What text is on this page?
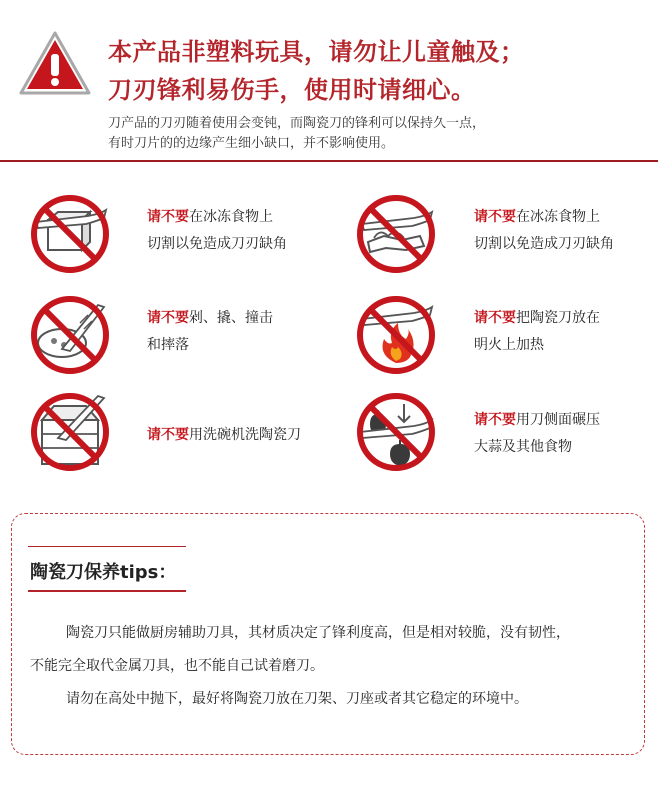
本产品非塑料玩具，请勿让儿童触及；
刀刃锋利易伤手，使用时请细心。

刀产品的刀刃随着使用会变钝，而陶瓷刀的锋利可以保持久一点，

有时刀片的的边缘产生细小缺口，并不影响使用。

请不要在冰冻食物上
切割以免造成刀刃缺角
请不要在冰冻食物上
切割以免造成刀刃缺角
请不要剁、撬、撞击
和摔落
请不要把陶瓷刀放在
明火上加热
请不要用洗碗机洗陶瓷刀
请不要用刀侧面碾压
大蒜及其他食物
陶瓷刀保养tips：

陶瓷刀只能做厨房辅助刀具，其材质决定了锋利度高，但是相对较脆，没有韧性，

不能完全取代金属刀具，也不能自己试着磨刀。

请勿在高处中抛下，最好将陶瓷刀放在刀架、刀座或者其它稳定的环境中。
